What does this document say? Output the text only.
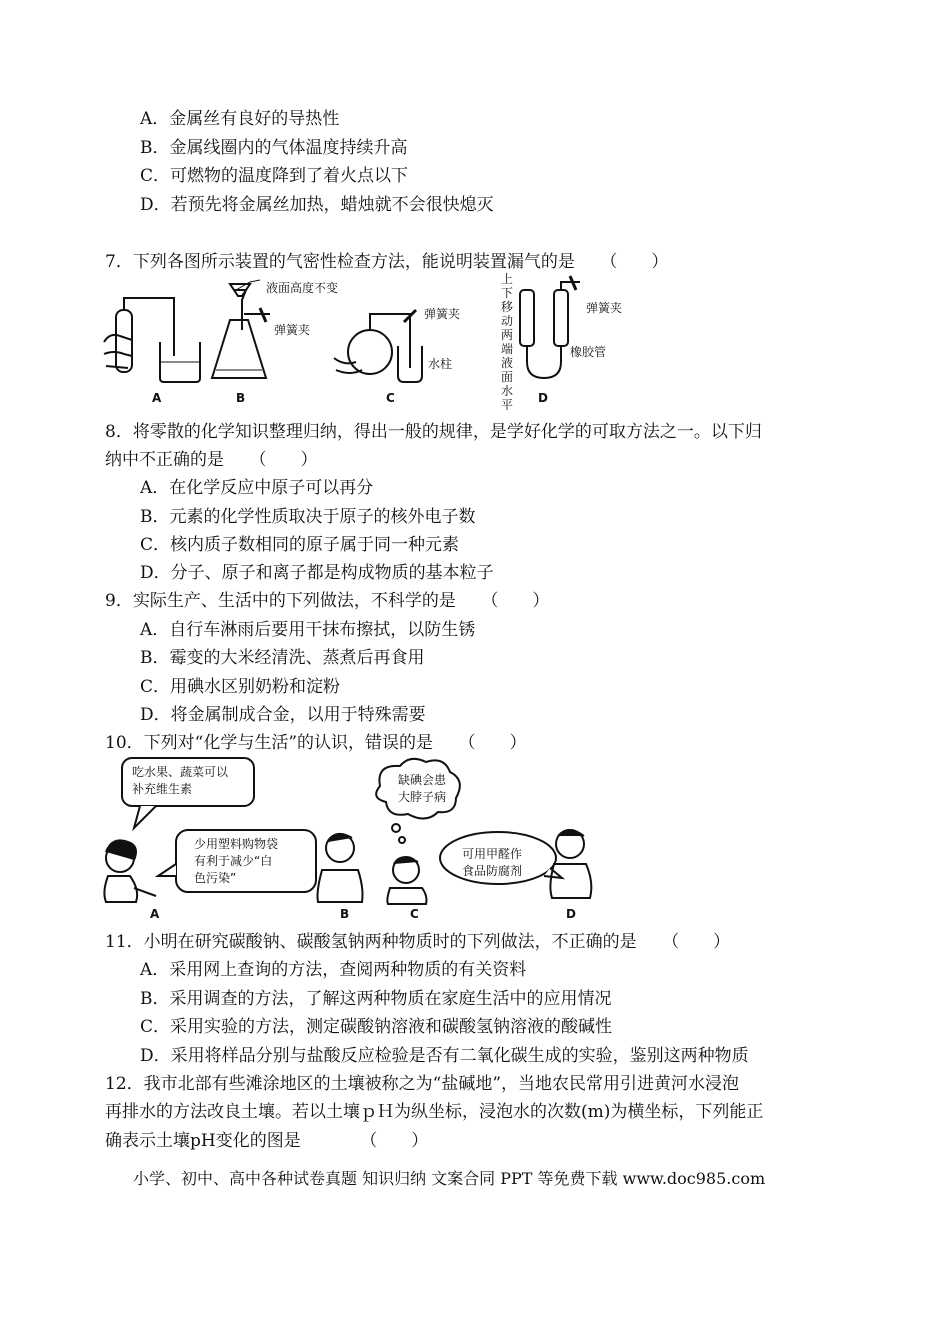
A．金属丝有良好的导热性
B．金属线圈内的气体温度持续升高
C．可燃物的温度降到了着火点以下
D．若预先将金属丝加热，蜡烛就不会很快熄灭
7．下列各图所示装置的气密性检查方法，能说明装置漏气的是　　（　　）
A	B	C	D
液面高度不变
弹簧夹
弹簧夹
水柱
弹簧夹
橡胶管
上下移动两端液面水平
8．将零散的化学知识整理归纳，得出一般的规律，是学好化学的可取方法之一。以下归
纳中不正确的是　　（　　）
A．在化学反应中原子可以再分
B．元素的化学性质取决于原子的核外电子数
C．核内质子数相同的原子属于同一种元素
D．分子、原子和离子都是构成物质的基本粒子
9．实际生产、生活中的下列做法，不科学的是　　（　　）
A．自行车淋雨后要用干抹布擦拭，以防生锈
B．霉变的大米经清洗、蒸煮后再食用
C．用碘水区别奶粉和淀粉
D．将金属制成合金，以用于特殊需要
10．下列对“化学与生活”的认识，错误的是　　（　　）
A	B	C	D
吃水果、蔬菜可以
补充维生素
少用塑料购物袋
有利于减少“白
色污染”
缺碘会患
大脖子病
可用甲醛作
食品防腐剂
11．小明在研究碳酸钠、碳酸氢钠两种物质时的下列做法，不正确的是　　（　　）
A．采用网上查询的方法，查阅两种物质的有关资料
B．采用调查的方法，了解这两种物质在家庭生活中的应用情况
C．采用实验的方法，测定碳酸钠溶液和碳酸氢钠溶液的酸碱性
D．采用将样品分别与盐酸反应检验是否有二氧化碳生成的实验，鉴别这两种物质
12．我市北部有些滩涂地区的土壤被称之为“盐碱地”，当地农民常用引进黄河水浸泡
再排水的方法改良土壤。若以土壤ｐＨ为纵坐标，浸泡水的次数(m)为横坐标，下列能正
确表示土壤pH变化的图是　　　　（　　）
小学、初中、高中各种试卷真题 知识归纳 文案合同 PPT 等免费下载 www.doc985.com
